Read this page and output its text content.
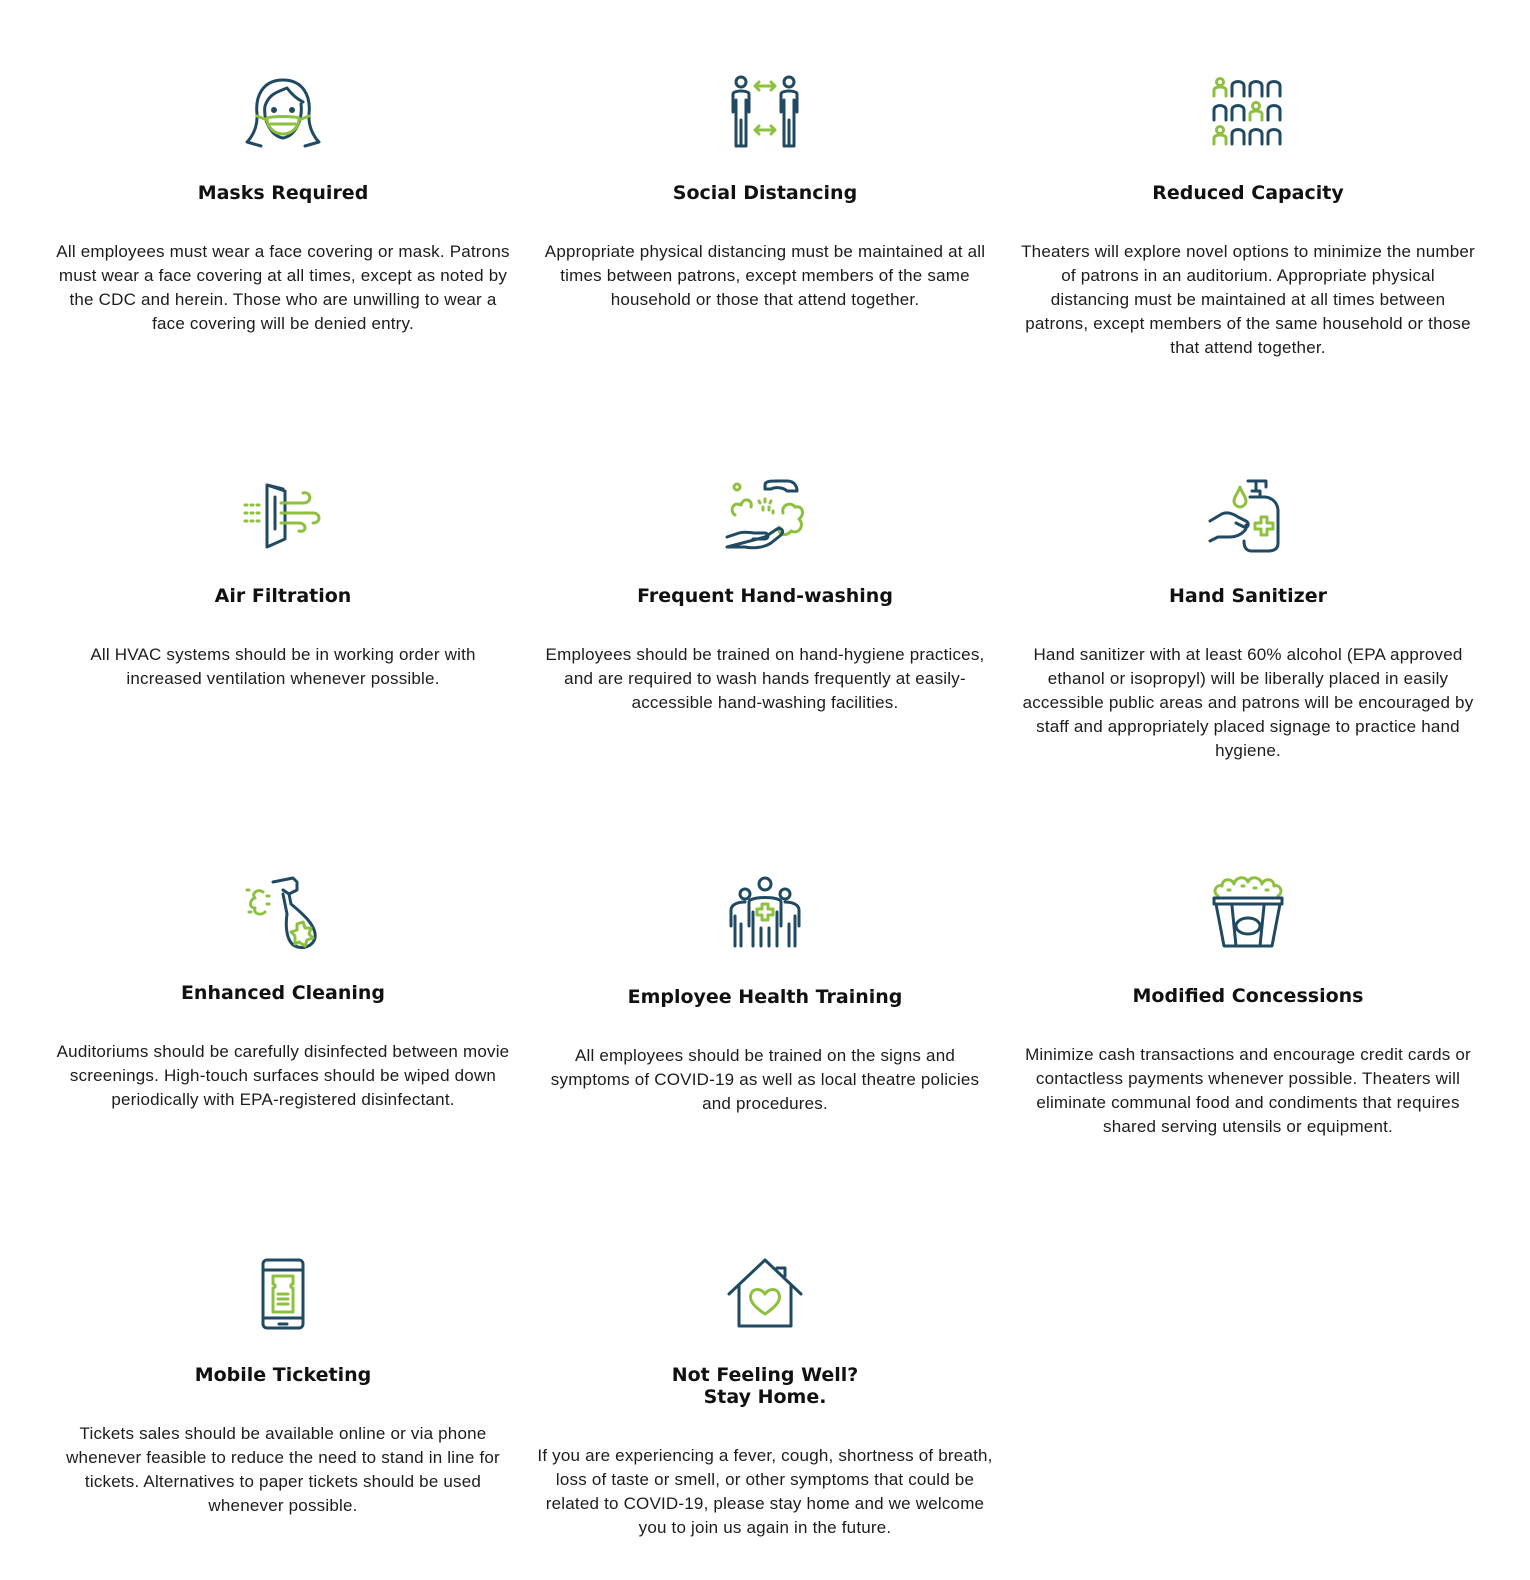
Masks Required
All employees must wear a face covering or mask. Patrons must wear a face covering at all times, except as noted by the CDC and herein. Those who are unwilling to wear a face covering will be denied entry.
Social Distancing
Appropriate physical distancing must be maintained at all times between patrons, except members of the same household or those that attend together.
Reduced Capacity
Theaters will explore novel options to minimize the number of patrons in an auditorium. Appropriate physical distancing must be maintained at all times between patrons, except members of the same household or those that attend together.
Air Filtration
All HVAC systems should be in working order with increased ventilation whenever possible.
Frequent Hand-washing
Employees should be trained on hand-hygiene practices, and are required to wash hands frequently at easily-accessible hand-washing facilities.
Hand Sanitizer
Hand sanitizer with at least 60% alcohol (EPA approved ethanol or isopropyl) will be liberally placed in easily accessible public areas and patrons will be encouraged by staff and appropriately placed signage to practice hand hygiene.
Enhanced Cleaning
Auditoriums should be carefully disinfected between movie screenings. High-touch surfaces should be wiped down periodically with EPA-registered disinfectant.
Employee Health Training
All employees should be trained on the signs and symptoms of COVID-19 as well as local theatre policies and procedures.
Modified Concessions
Minimize cash transactions and encourage credit cards or contactless payments whenever possible. Theaters will eliminate communal food and condiments that requires shared serving utensils or equipment.
Mobile Ticketing
Tickets sales should be available online or via phone whenever feasible to reduce the need to stand in line for tickets. Alternatives to paper tickets should be used whenever possible.
Not Feeling Well?
Stay Home.
If you are experiencing a fever, cough, shortness of breath, loss of taste or smell, or other symptoms that could be related to COVID-19, please stay home and we welcome you to join us again in the future.
